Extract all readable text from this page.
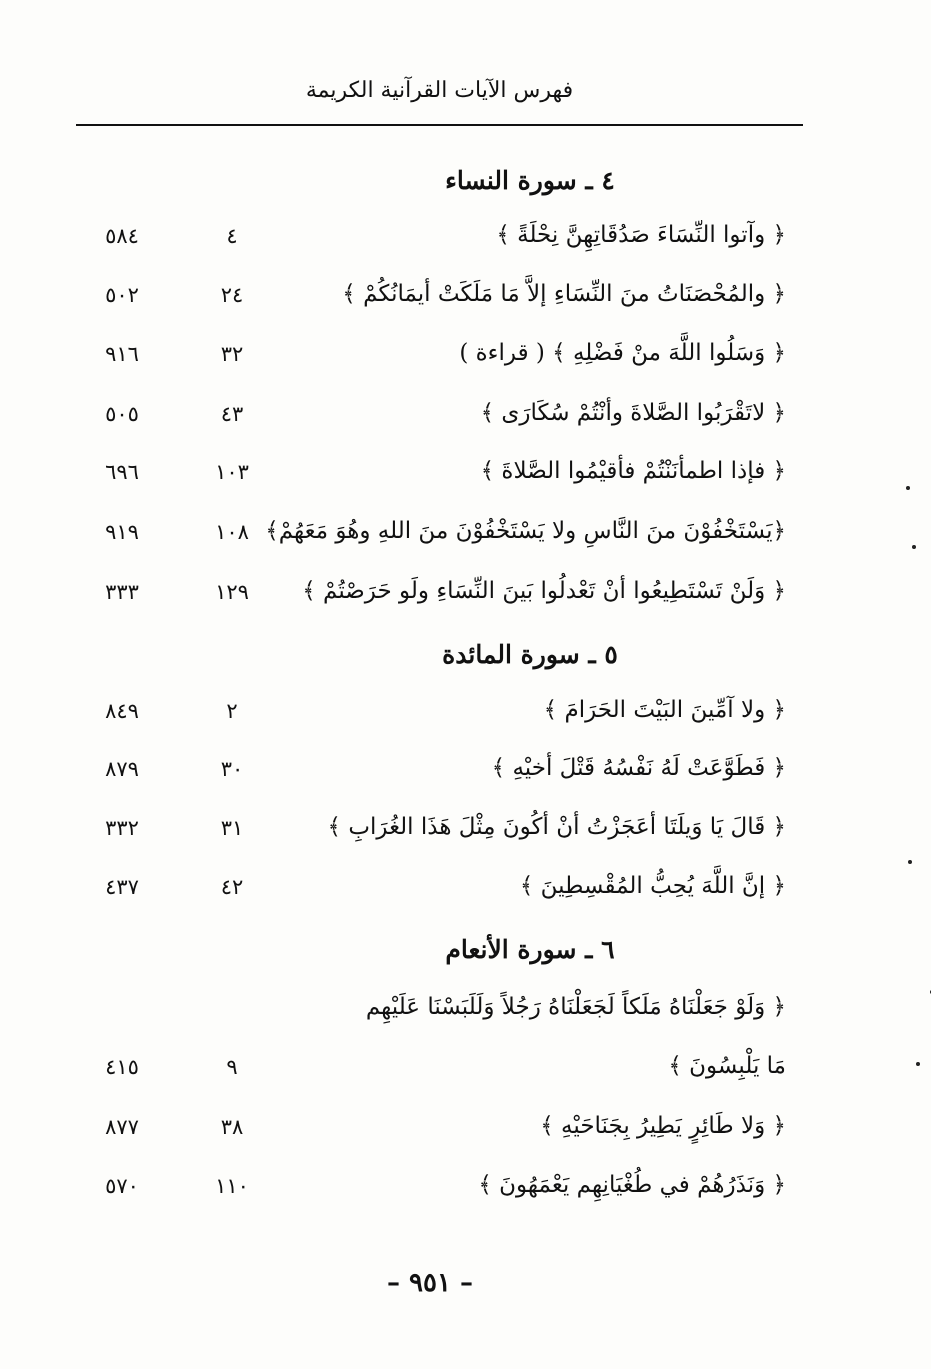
فهرس الآيات القرآنية الكريمة
٤ ـ سورة النساء
﴿ وآتوا النِّسَاءَ صَدُقَاتِهِنَّ نِحْلَةً ﴾
٤
٥٨٤
﴿ والمُحْصَنَاتُ منَ النِّسَاءِ إلاَّ مَا مَلَكَتْ أيمَانُكُمْ ﴾
٢٤
٥٠٢
﴿ وَسَلُوا اللَّهَ منْ فَضْلِهِ ﴾ ( قراءة )
٣٢
٩١٦
﴿ لاتَقْرَبُوا الصَّلاةَ وأنْتُمْ سُكَارَى ﴾
٤٣
٥٠٥
﴿ فإذا اطمأنَنْتُمْ فأقيْمُوا الصَّلاةَ ﴾
١٠٣
٦٩٦
﴿يَسْتَخْفُوْنَ منَ النَّاسِ ولا يَسْتَخْفُوْنَ منَ اللهِ وهُوَ مَعَهُمْ﴾
١٠٨
٩١٩
﴿ وَلَنْ تَسْتَطِيعُوا أنْ تَعْدلُوا بَينَ النِّسَاءِ ولَو حَرَصْتُمْ ﴾
١٢٩
٣٣٣
٥ ـ سورة المائدة
﴿ ولا آمِّينَ البَيْتَ الحَرَامَ ﴾
٢
٨٤٩
﴿ فَطَوَّعَتْ لَهُ نَفْسُهُ قَتْلَ أخيْهِ ﴾
٣٠
٨٧٩
﴿ قَالَ يَا وَيلَتَا أعَجَزْتُ أنْ أكُونَ مِثْلَ هَذَا الغُرَابِ ﴾
٣١
٣٣٢
﴿ إنَّ اللَّهَ يُحِبُّ المُقْسِطِينَ ﴾
٤٢
٤٣٧
٦ ـ سورة الأنعام
﴿ وَلَوْ جَعَلْنَاهُ مَلَكاً لَجَعَلْنَاهُ رَجُلاً وَلَلَبَسْنَا عَلَيْهِم
مَا يَلْبِسُونَ ﴾
٩
٤١٥
﴿ وَلا طَائِرٍ يَطِيرُ بِجَنَاحَيْهِ ﴾
٣٨
٨٧٧
﴿ وَنَذَرُهُمْ في طُغْيَانِهِم يَعْمَهُونَ ﴾
١١٠
٥٧٠
– ٩٥١ –
